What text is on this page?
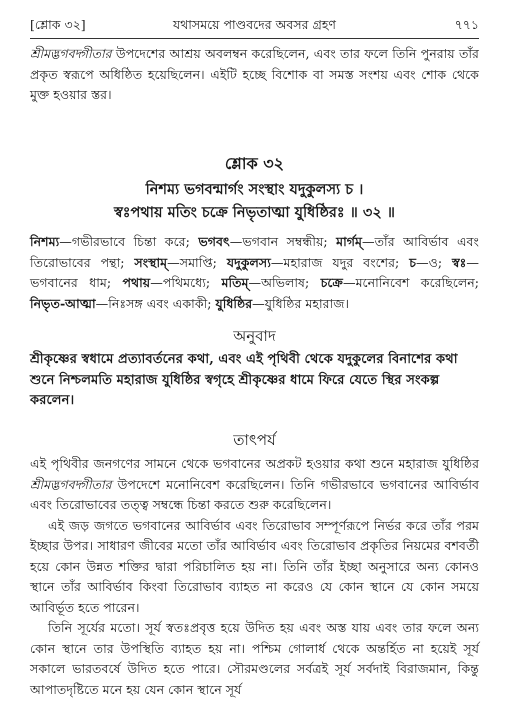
[শ্লোক ৩২]	যথাসময়ে পাণ্ডবদের অবসর গ্রহণ	৭৭১

শ্রীমদ্ভগবদ্গীতার উপদেশের আশ্রয় অবলম্বন করেছিলেন, এবং তার ফলে তিনি পুনরায় তাঁর প্রকৃত স্বরূপে অধিষ্ঠিত হয়েছিলেন। এইটি হচ্ছে বিশোক বা সমস্ত সংশয় এবং শোক থেকে মুক্ত হওয়ার স্তর।

শ্লোক ৩২
নিশম্য ভগবন্মার্গং সংস্থাং যদুকুলস্য চ ।
স্বঃপথায় মতিং চক্রে নিভৃতাত্মা যুধিষ্ঠিরঃ ॥ ৩২ ॥

নিশম্য—গভীরভাবে চিন্তা করে; ভগবৎ—ভগবান সম্বন্ধীয়; মার্গম্—তাঁর আবির্ভাব এবং তিরোভাবের পন্থা; সংস্থাম্—সমাপ্তি; যদুকুলস্য—মহারাজ যদুর বংশের; চ—ও; স্বঃ—ভগবানের ধাম; পথায়—পথিমধ্যে; মতিম্—অভিলাষ; চক্রে—মনোনিবেশ করেছিলেন; নিভৃত-আত্মা—নিঃসঙ্গ এবং একাকী; যুধিষ্ঠির—যুধিষ্ঠির মহারাজ।

অনুবাদ

শ্রীকৃষ্ণের স্বধামে প্রত্যাবর্তনের কথা, এবং এই পৃথিবী থেকে যদুকুলের বিনাশের কথা শুনে নিশ্চলমতি মহারাজ যুধিষ্ঠির স্বগৃহে শ্রীকৃষ্ণের ধামে ফিরে যেতে স্থির সংকল্প করলেন।

তাৎপর্য

এই পৃথিবীর জনগণের সামনে থেকে ভগবানের অপ্রকট হওয়ার কথা শুনে মহারাজ যুধিষ্ঠির শ্রীমদ্ভগবদ্গীতার উপদেশে মনোনিবেশ করেছিলেন। তিনি গভীরভাবে ভগবানের আবির্ভাব এবং তিরোভাবের তত্ত্ব সম্বন্ধে চিন্তা করতে শুরু করেছিলেন।

এই জড় জগতে ভগবানের আবির্ভাব এবং তিরোভাব সম্পূর্ণরূপে নির্ভর করে তাঁর পরম ইচ্ছার উপর। সাধারণ জীবের মতো তাঁর আবির্ভাব এবং তিরোভাব প্রকৃতির নিয়মের বশবর্তী হয়ে কোন উন্নত শক্তির দ্বারা পরিচালিত হয় না। তিনি তাঁর ইচ্ছা অনুসারে অন্য কোনও স্থানে তাঁর আবির্ভাব কিংবা তিরোভাব ব্যাহত না করেও যে কোন স্থানে যে কোন সময়ে আবির্ভূত হতে পারেন।

তিনি সূর্যের মতো। সূর্য স্বতঃপ্রবৃত্ত হয়ে উদিত হয় এবং অস্ত যায় এবং তার ফলে অন্য কোন স্থানে তার উপস্থিতি ব্যাহত হয় না। পশ্চিম গোলার্ধ থেকে অন্তর্হিত না হয়েই সূর্য সকালে ভারতবর্ষে উদিত হতে পারে। সৌরমণ্ডলের সর্বত্রই সূর্য সর্বদাই বিরাজমান, কিন্তু আপাতদৃষ্টিতে মনে হয় যেন কোন স্থানে সূর্য
